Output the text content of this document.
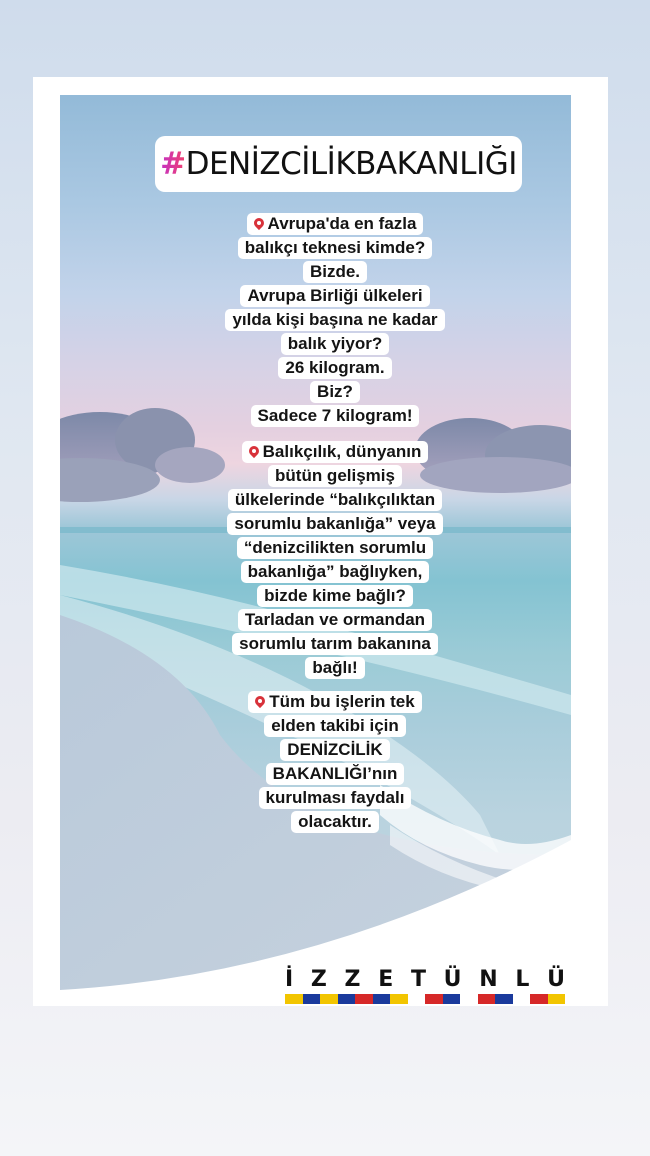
# DENİZCİLİKBAKANLIĞI
Avrupa'da en fazla
balıkçı teknesi kimde?
Bizde.
Avrupa Birliği ülkeleri
yılda kişi başına ne kadar
balık yiyor?
26 kilogram.
Biz?
Sadece 7 kilogram!
Balıkçılık, dünyanın
bütün gelişmiş
ülkelerinde “balıkçılıktan
sorumlu bakanlığa” veya
“denizcilikten sorumlu
bakanlığa” bağlıyken,
bizde kime bağlı?
Tarladan ve ormandan
sorumlu tarım bakanına
bağlı!
Tüm bu işlerin tek
elden takibi için
DENİZCİLİK
BAKANLIĞI’nın
kurulması faydalı
olacaktır.
İ Z Z E T Ü N L Ü
